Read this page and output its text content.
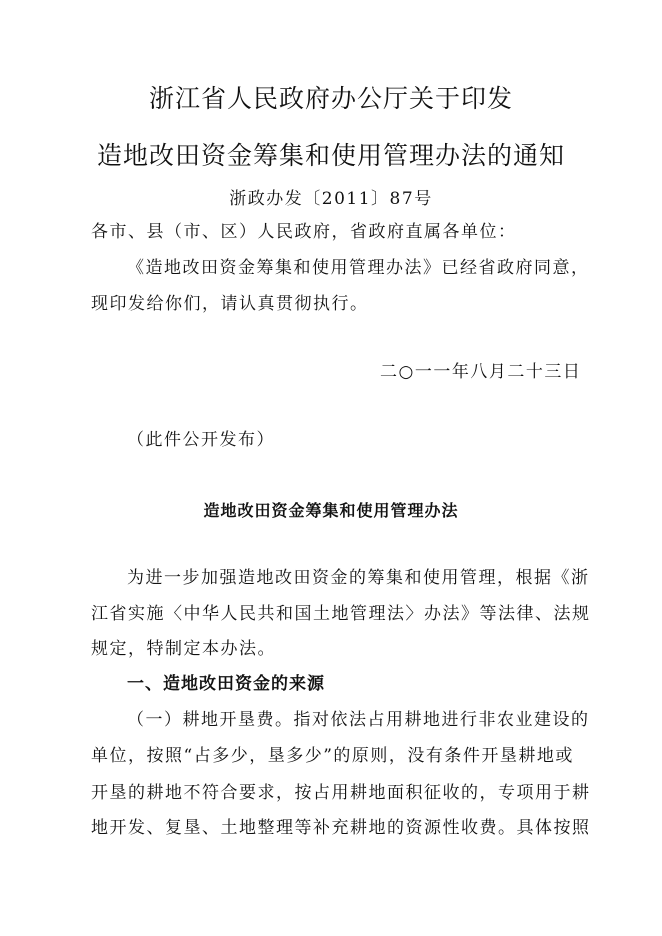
浙江省人民政府办公厅关于印发
造地改田资金筹集和使用管理办法的通知
浙政办发〔2011〕87号
各市、县（市、区）人民政府，省政府直属各单位：
《造地改田资金筹集和使用管理办法》已经省政府同意，
现印发给你们，请认真贯彻执行。
二○一一年八月二十三日
（此件公开发布）
造地改田资金筹集和使用管理办法
为进一步加强造地改田资金的筹集和使用管理，根据《浙
江省实施〈中华人民共和国土地管理法〉办法》等法律、法规
规定，特制定本办法。
一、造地改田资金的来源
（一）耕地开垦费。指对依法占用耕地进行非农业建设的
单位，按照“占多少，垦多少”的原则，没有条件开垦耕地或
开垦的耕地不符合要求，按占用耕地面积征收的，专项用于耕
地开发、复垦、土地整理等补充耕地的资源性收费。具体按照
